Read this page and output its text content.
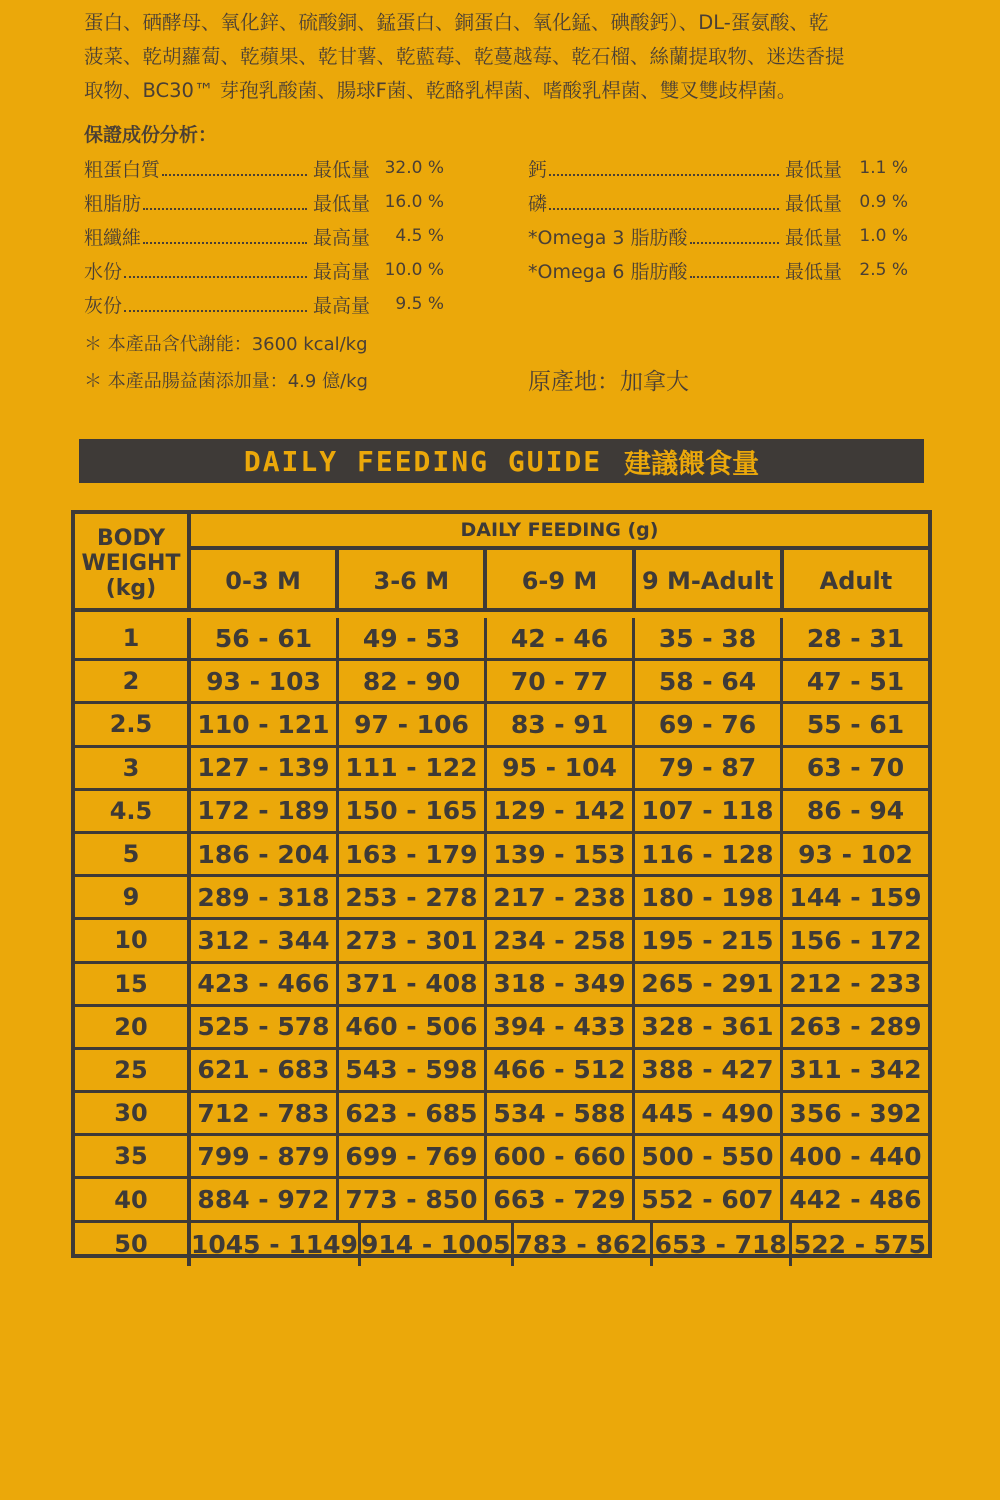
蛋白、硒酵母、氧化鋅、硫酸銅、錳蛋白、銅蛋白、氧化錳、碘酸鈣）、DL-蛋氨酸、乾

菠菜、乾胡蘿蔔、乾蘋果、乾甘薯、乾藍莓、乾蔓越莓、乾石榴、絲蘭提取物、迷迭香提

取物、BC30™ 芽孢乳酸菌、腸球F菌、乾酪乳桿菌、嗜酸乳桿菌、雙叉雙歧桿菌。

保證成份分析：
粗蛋白質	最低量 32.0 %
粗脂肪	最低量 16.0 %
粗纖維	最高量	4.5 %
水份	最高量 10.0 %
灰份	最高量	9.5 %
鈣	最低量	1.1 %
磷	最低量	0.9 %
*Omega 3 脂肪酸	最低量	1.0 %
*Omega 6 脂肪酸	最低量	2.5 %
＊ 本產品含代謝能：3600 kcal/kg
＊ 本產品腸益菌添加量：4.9 億/kg	原產地：加拿大
DAILY FEEDING GUIDE 建議餵食量
BODY WEIGHT (kg)
DAILY FEEDING (g)
0-3 M	3-6 M	6-9 M	9 M-Adult	Adult
1	56 - 61	49 - 53	42 - 46	35 - 38	28 - 31
2	93 - 103	82 - 90	70 - 77	58 - 64	47 - 51
2.5	110 - 121 97 - 106	83 - 91	69 - 76	55 - 61
3	127 - 139 111 - 122 95 - 104	79 - 87	63 - 70
4.5	172 - 189 150 - 165 129 - 142 107 - 118	86 - 94
5	186 - 204 163 - 179 139 - 153 116 - 128 93 - 102
9	289 - 318 253 - 278 217 - 238 180 - 198 144 - 159
10	312 - 344 273 - 301 234 - 258 195 - 215 156 - 172
15	423 - 466 371 - 408 318 - 349 265 - 291 212 - 233
20	525 - 578 460 - 506 394 - 433 328 - 361 263 - 289
25	621 - 683 543 - 598 466 - 512 388 - 427 311 - 342
30	712 - 783 623 - 685 534 - 588 445 - 490 356 - 392
35	799 - 879 699 - 769 600 - 660 500 - 550 400 - 440
40	884 - 972 773 - 850 663 - 729 552 - 607 442 - 486
50	1045 - 1149 914 - 1005 783 - 862 653 - 718 522 - 575
